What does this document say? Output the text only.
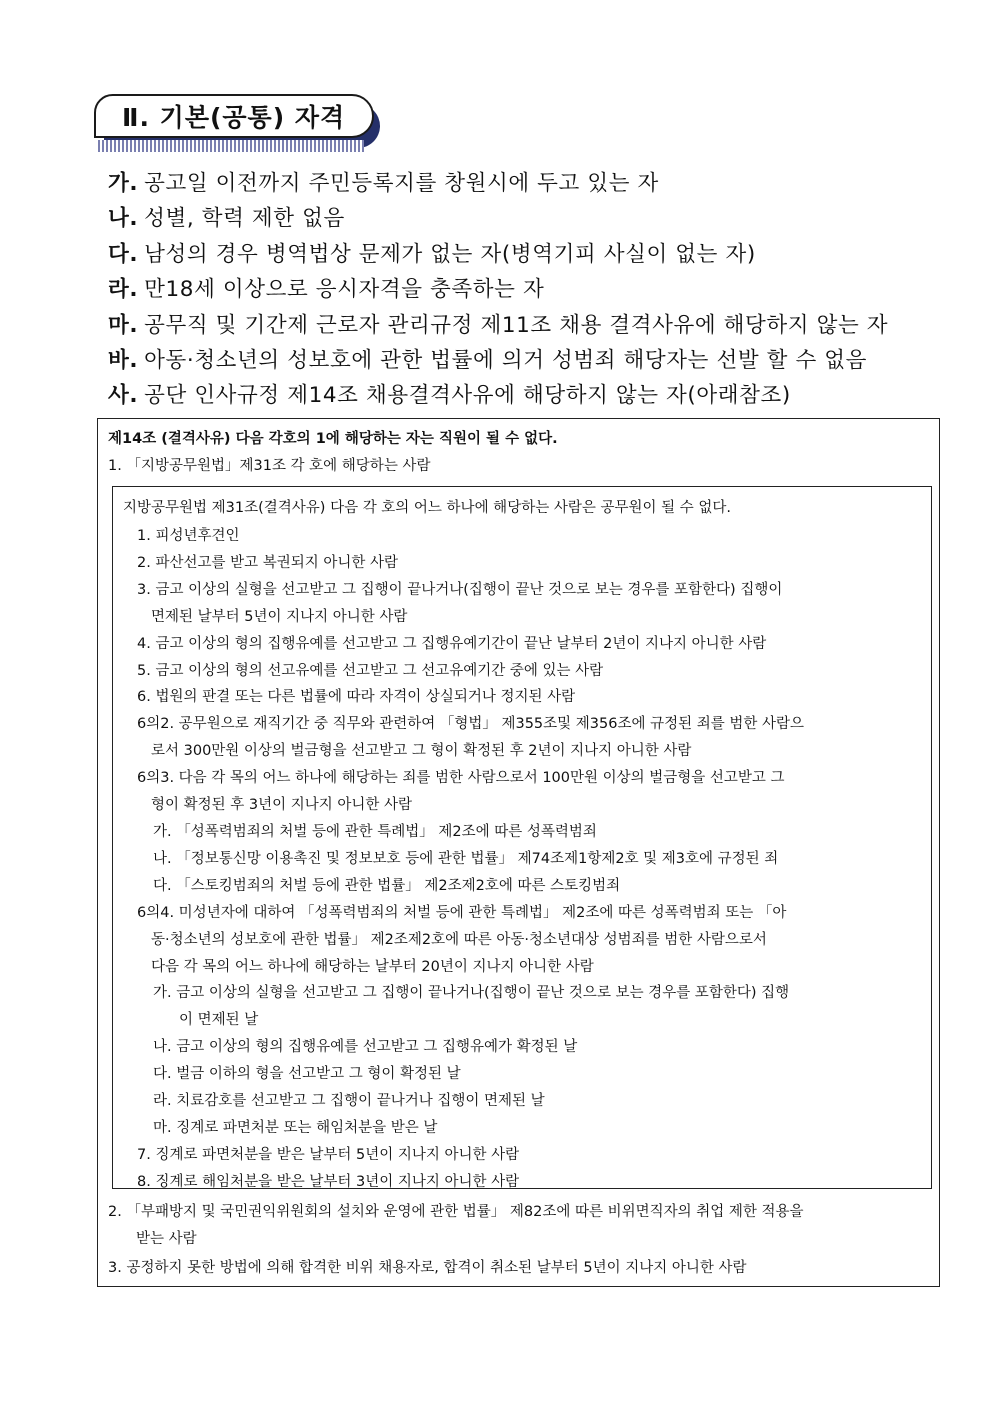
Ⅱ. 기본(공통) 자격
가. 공고일 이전까지 주민등록지를 창원시에 두고 있는 자
나. 성별, 학력 제한 없음
다. 남성의 경우 병역법상 문제가 없는 자(병역기피 사실이 없는 자)
라. 만18세 이상으로 응시자격을 충족하는 자
마. 공무직 및 기간제 근로자 관리규정 제11조 채용 결격사유에 해당하지 않는 자
바. 아동·청소년의 성보호에 관한 법률에 의거 성범죄 해당자는 선발 할 수 없음
사. 공단 인사규정 제14조 채용결격사유에 해당하지 않는 자(아래참조)
제14조 (결격사유) 다음 각호의 1에 해당하는 자는 직원이 될 수 없다.
1. 「지방공무원법」제31조 각 호에 해당하는 사람
지방공무원법 제31조(결격사유) 다음 각 호의 어느 하나에 해당하는 사람은 공무원이 될 수 없다.
1. 피성년후견인
2. 파산선고를 받고 복권되지 아니한 사람
3. 금고 이상의 실형을 선고받고 그 집행이 끝나거나(집행이 끝난 것으로 보는 경우를 포함한다) 집행이
면제된 날부터 5년이 지나지 아니한 사람
4. 금고 이상의 형의 집행유예를 선고받고 그 집행유예기간이 끝난 날부터 2년이 지나지 아니한 사람
5. 금고 이상의 형의 선고유예를 선고받고 그 선고유예기간 중에 있는 사람
6. 법원의 판결 또는 다른 법률에 따라 자격이 상실되거나 정지된 사람
6의2. 공무원으로 재직기간 중 직무와 관련하여 「형법」 제355조및 제356조에 규정된 죄를 범한 사람으
로서 300만원 이상의 벌금형을 선고받고 그 형이 확정된 후 2년이 지나지 아니한 사람
6의3. 다음 각 목의 어느 하나에 해당하는 죄를 범한 사람으로서 100만원 이상의 벌금형을 선고받고 그
형이 확정된 후 3년이 지나지 아니한 사람
가. 「성폭력범죄의 처벌 등에 관한 특례법」 제2조에 따른 성폭력범죄
나. 「정보통신망 이용촉진 및 정보보호 등에 관한 법률」 제74조제1항제2호 및 제3호에 규정된 죄
다. 「스토킹범죄의 처벌 등에 관한 법률」 제2조제2호에 따른 스토킹범죄
6의4. 미성년자에 대하여 「성폭력범죄의 처벌 등에 관한 특례법」 제2조에 따른 성폭력범죄 또는 「아
동·청소년의 성보호에 관한 법률」 제2조제2호에 따른 아동·청소년대상 성범죄를 범한 사람으로서
다음 각 목의 어느 하나에 해당하는 날부터 20년이 지나지 아니한 사람
가. 금고 이상의 실형을 선고받고 그 집행이 끝나거나(집행이 끝난 것으로 보는 경우를 포함한다) 집행
이 면제된 날
나. 금고 이상의 형의 집행유예를 선고받고 그 집행유예가 확정된 날
다. 벌금 이하의 형을 선고받고 그 형이 확정된 날
라. 치료감호를 선고받고 그 집행이 끝나거나 집행이 면제된 날
마. 징계로 파면처분 또는 해임처분을 받은 날
7. 징계로 파면처분을 받은 날부터 5년이 지나지 아니한 사람
8. 징계로 해임처분을 받은 날부터 3년이 지나지 아니한 사람
2. 「부패방지 및 국민권익위원회의 설치와 운영에 관한 법률」 제82조에 따른 비위면직자의 취업 제한 적용을
받는 사람
3. 공정하지 못한 방법에 의해 합격한 비위 채용자로, 합격이 취소된 날부터 5년이 지나지 아니한 사람
